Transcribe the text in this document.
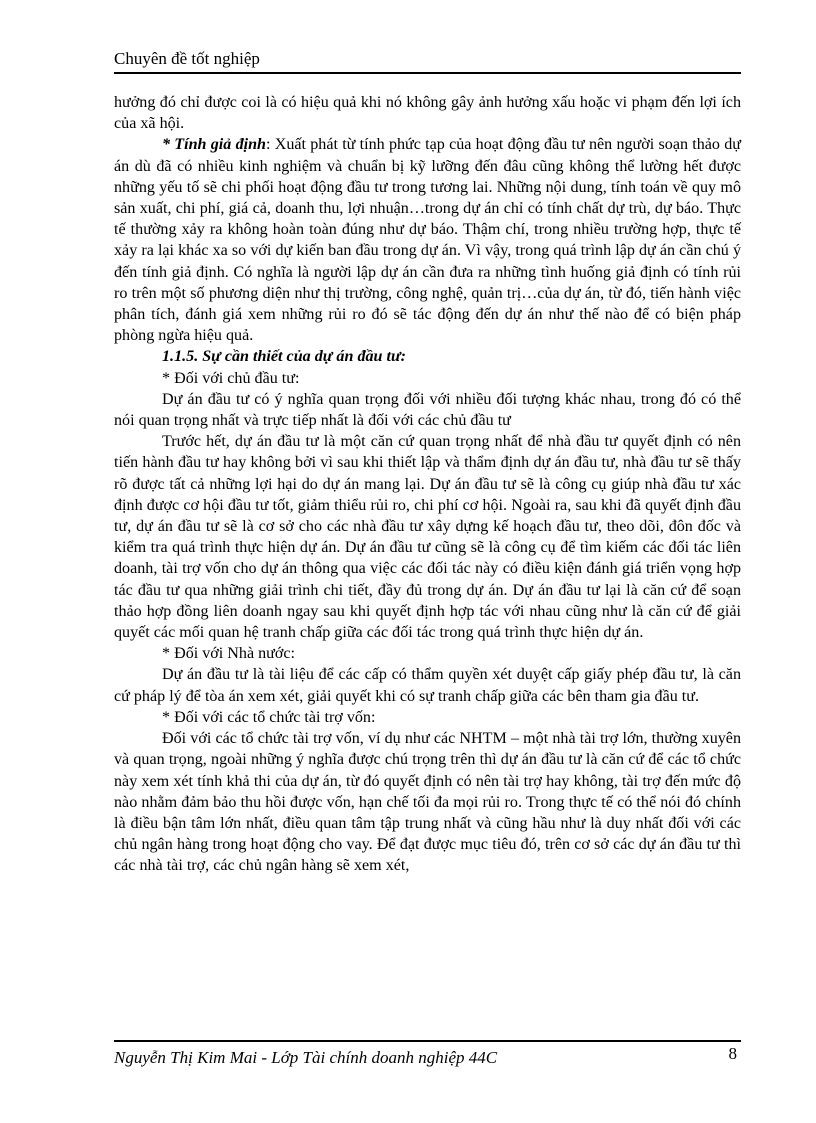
Chuyên đề tốt nghiệp

hưởng đó chỉ được coi là có hiệu quả khi nó không gây ảnh hưởng xấu hoặc vi phạm đến lợi ích của xã hội.

* Tính giả định: Xuất phát từ tính phức tạp của hoạt động đầu tư nên người soạn thảo dự án dù đã có nhiều kinh nghiệm và chuẩn bị kỹ lưỡng đến đâu cũng không thể lường hết được những yếu tố sẽ chi phối hoạt động đầu tư trong tương lai. Những nội dung, tính toán về quy mô sản xuất, chi phí, giá cả, doanh thu, lợi nhuận…trong dự án chỉ có tính chất dự trù, dự báo. Thực tế thường xảy ra không hoàn toàn đúng như dự báo. Thậm chí, trong nhiều trường hợp, thực tế xảy ra lại khác xa so với dự kiến ban đầu trong dự án. Vì vậy, trong quá trình lập dự án cần chú ý đến tính giả định. Có nghĩa là người lập dự án cần đưa ra những tình huống giả định có tính rủi ro trên một số phương diện như thị trường, công nghệ, quản trị…của dự án, từ đó, tiến hành việc phân tích, đánh giá xem những rủi ro đó sẽ tác động đến dự án như thế nào để có biện pháp phòng ngừa hiệu quả.

1.1.5. Sự cần thiết của dự án đầu tư:

* Đối với chủ đầu tư:

Dự án đầu tư có ý nghĩa quan trọng đối với nhiều đối tượng khác nhau, trong đó có thể nói quan trọng nhất và trực tiếp nhất là đối với các chủ đầu tư

Trước hết, dự án đầu tư là một căn cứ quan trọng nhất để nhà đầu tư quyết định có nên tiến hành đầu tư hay không bởi vì sau khi thiết lập và thẩm định dự án đầu tư, nhà đầu tư sẽ thấy rõ được tất cả những lợi hại do dự án mang lại. Dự án đầu tư sẽ là công cụ giúp nhà đầu tư xác định được cơ hội đầu tư tốt, giảm thiểu rủi ro, chi phí cơ hội. Ngoài ra, sau khi đã quyết định đầu tư, dự án đầu tư sẽ là cơ sở cho các nhà đầu tư xây dựng kế hoạch đầu tư, theo dõi, đôn đốc và kiểm tra quá trình thực hiện dự án. Dự án đầu tư cũng sẽ là công cụ để tìm kiếm các đối tác liên doanh, tài trợ vốn cho dự án thông qua việc các đối tác này có điều kiện đánh giá triển vọng hợp tác đầu tư qua những giải trình chi tiết, đầy đủ trong dự án. Dự án đầu tư lại là căn cứ để soạn thảo hợp đồng liên doanh ngay sau khi quyết định hợp tác với nhau cũng như là căn cứ để giải quyết các mối quan hệ tranh chấp giữa các đối tác trong quá trình thực hiện dự án.

* Đối với Nhà nước:

Dự án đầu tư là tài liệu để các cấp có thẩm quyền xét duyệt cấp giấy phép đầu tư, là căn cứ pháp lý để tòa án xem xét, giải quyết khi có sự tranh chấp giữa các bên tham gia đầu tư.

* Đối với các tổ chức tài trợ vốn:

Đối với các tổ chức tài trợ vốn, ví dụ như các NHTM – một nhà tài trợ lớn, thường xuyên và quan trọng, ngoài những ý nghĩa được chú trọng trên thì dự án đầu tư là căn cứ để các tổ chức này xem xét tính khả thi của dự án, từ đó quyết định có nên tài trợ hay không, tài trợ đến mức độ nào nhằm đảm bảo thu hồi được vốn, hạn chế tối đa mọi rủi ro. Trong thực tế có thể nói đó chính là điều bận tâm lớn nhất, điều quan tâm tập trung nhất và cũng hầu như là duy nhất đối với các chủ ngân hàng trong hoạt động cho vay. Để đạt được mục tiêu đó, trên cơ sở các dự án đầu tư thì các nhà tài trợ, các chủ ngân hàng sẽ xem xét,

Nguyễn Thị Kim Mai - Lớp Tài chính doanh nghiệp 44C	8
